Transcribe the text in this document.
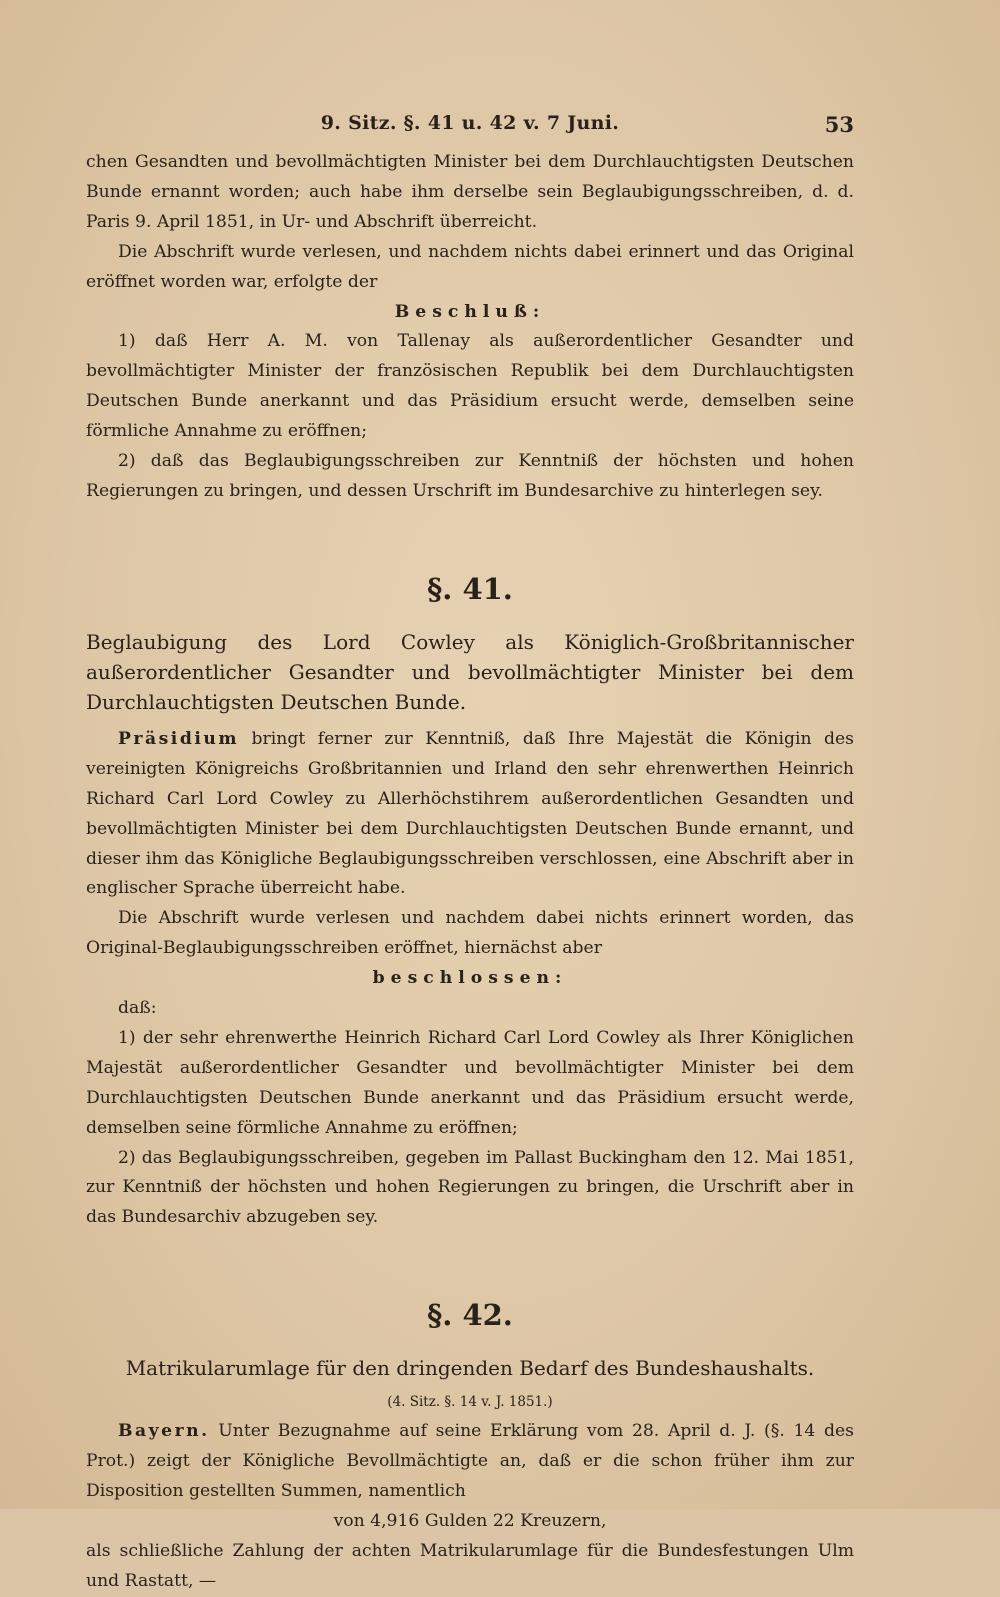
9. Sitz. §. 41 u. 42 v. 7 Juni.	53

chen Gesandten und bevollmächtigten Minister bei dem Durchlauchtigsten Deutschen Bunde ernannt worden; auch habe ihm derselbe sein Beglaubigungsschreiben, d. d. Paris 9. April 1851, in Ur- und Abschrift überreicht.

Die Abschrift wurde verlesen, und nachdem nichts dabei erinnert und das Original eröffnet worden war, erfolgte der

Beschluß:

1) daß Herr A. M. von Tallenay als außerordentlicher Gesandter und bevollmächtigter Minister der französischen Republik bei dem Durchlauchtigsten Deutschen Bunde anerkannt und das Präsidium ersucht werde, demselben seine förmliche Annahme zu eröffnen;

2) daß das Beglaubigungsschreiben zur Kenntniß der höchsten und hohen Regierungen zu bringen, und dessen Urschrift im Bundesarchive zu hinterlegen sey.

§. 41.

Beglaubigung des Lord Cowley als Königlich-Großbritannischer außerordentlicher Gesandter und bevollmächtigter Minister bei dem Durchlauchtigsten Deutschen Bunde.

Präsidium bringt ferner zur Kenntniß, daß Ihre Majestät die Königin des vereinigten Königreichs Großbritannien und Irland den sehr ehrenwerthen Heinrich Richard Carl Lord Cowley zu Allerhöchstihrem außerordentlichen Gesandten und bevollmächtigten Minister bei dem Durchlauchtigsten Deutschen Bunde ernannt, und dieser ihm das Königliche Beglaubigungsschreiben verschlossen, eine Abschrift aber in englischer Sprache überreicht habe.

Die Abschrift wurde verlesen und nachdem dabei nichts erinnert worden, das Original-Beglaubigungsschreiben eröffnet, hiernächst aber

beschlossen:

daß:

1) der sehr ehrenwerthe Heinrich Richard Carl Lord Cowley als Ihrer Königlichen Majestät außerordentlicher Gesandter und bevollmächtigter Minister bei dem Durchlauchtigsten Deutschen Bunde anerkannt und das Präsidium ersucht werde, demselben seine förmliche Annahme zu eröffnen;

2) das Beglaubigungsschreiben, gegeben im Pallast Buckingham den 12. Mai 1851, zur Kenntniß der höchsten und hohen Regierungen zu bringen, die Urschrift aber in das Bundesarchiv abzugeben sey.

§. 42.

Matrikularumlage für den dringenden Bedarf des Bundeshaushalts.

(4. Sitz. §. 14 v. J. 1851.)

Bayern. Unter Bezugnahme auf seine Erklärung vom 28. April d. J. (§. 14 des Prot.) zeigt der Königliche Bevollmächtigte an, daß er die schon früher ihm zur Disposition gestellten Summen, namentlich

von 4,916 Gulden 22 Kreuzern,

als schließliche Zahlung der achten Matrikularumlage für die Bundesfestungen Ulm und Rastatt, —
